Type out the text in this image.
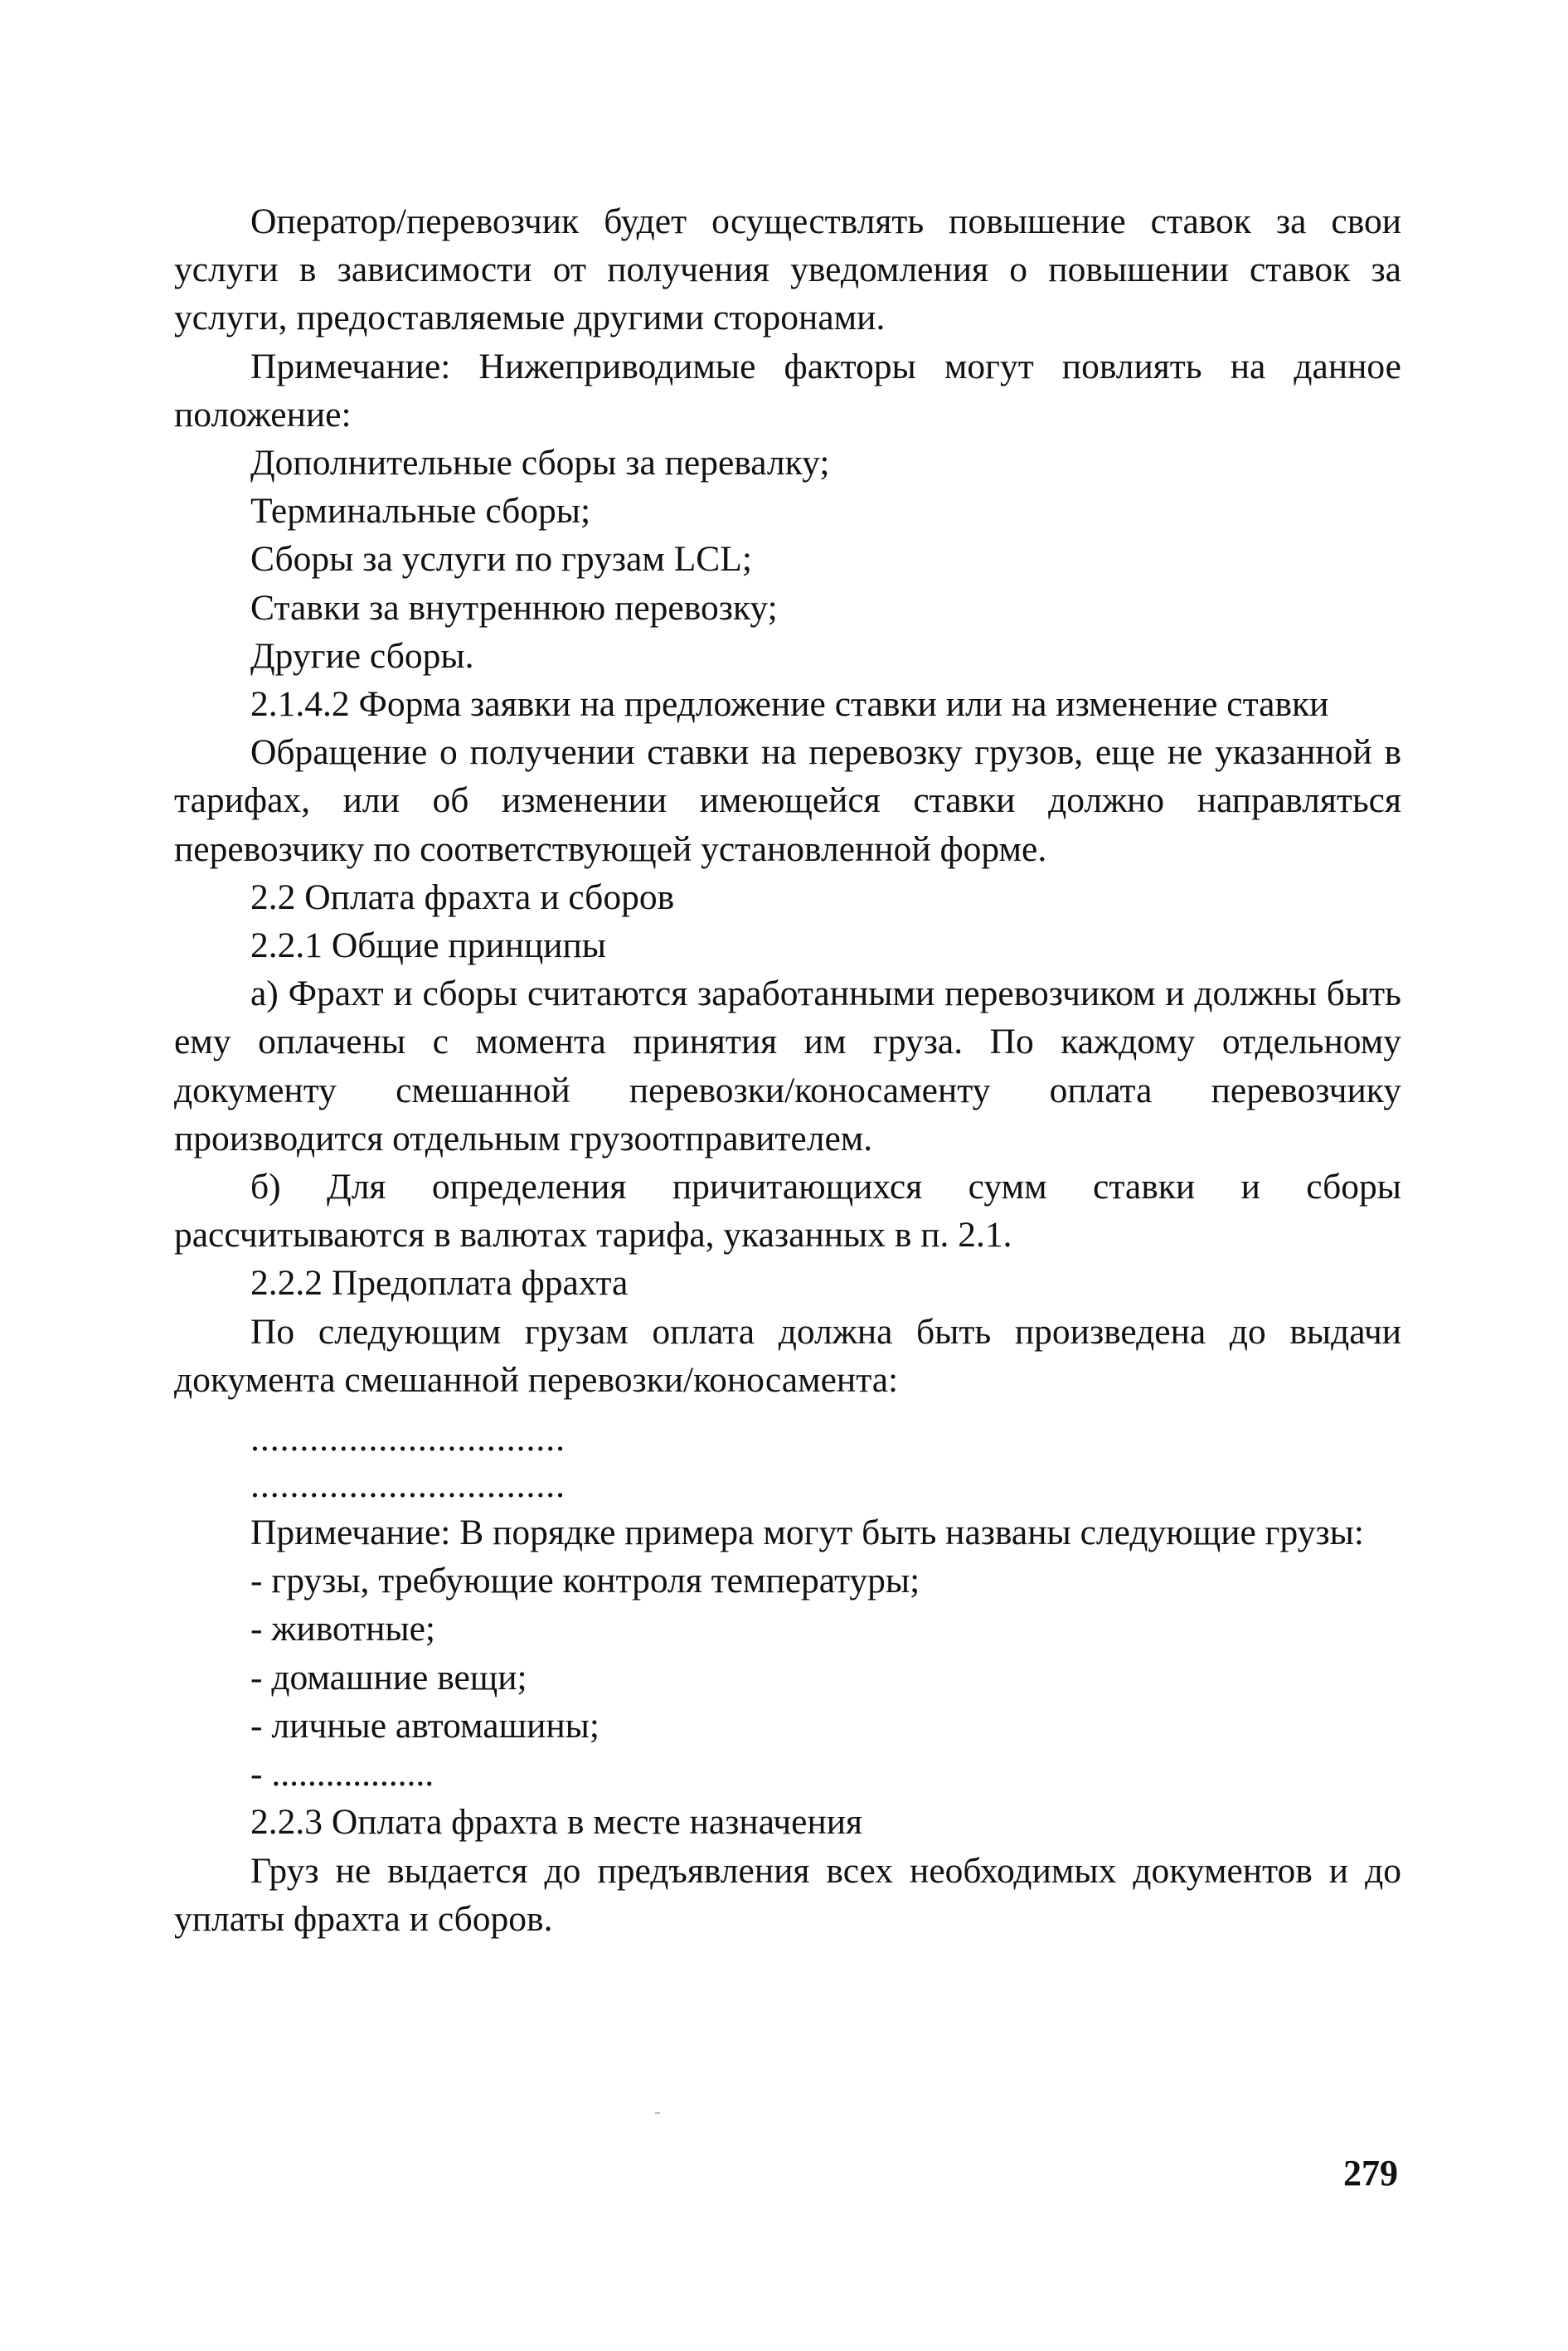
Оператор/перевозчик будет осуществлять повышение ставок за свои услуги в зависимости от получения уведомления о повышении ставок за услуги, предоставляемые другими сторонами.

Примечание: Нижеприводимые факторы могут повлиять на данное положение:

Дополнительные сборы за перевалку;

Терминальные сборы;

Сборы за услуги по грузам LCL;

Ставки за внутреннюю перевозку;

Другие сборы.

2.1.4.2 Форма заявки на предложение ставки или на изменение ставки

Обращение о получении ставки на перевозку грузов, еще не указанной в тарифах, или об изменении имеющейся ставки должно направляться перевозчику по соответствующей установленной форме.

2.2 Оплата фрахта и сборов

2.2.1 Общие принципы

а) Фрахт и сборы считаются заработанными перевозчиком и должны быть ему оплачены с момента принятия им груза. По каждому отдельному документу смешанной перевозки/коносаменту оплата перевозчику производится отдельным грузоотправителем.

б) Для определения причитающихся сумм ставки и сборы рассчитываются в валютах тарифа, указанных в п. 2.1.

2.2.2 Предоплата фрахта

По следующим грузам оплата должна быть произведена до выдачи документа смешанной перевозки/коносамента:

................................

................................

Примечание: В порядке примера могут быть названы следующие грузы:

- грузы, требующие контроля температуры;

- животные;

- домашние вещи;

- личные автомашины;

- ..................

2.2.3 Оплата фрахта в месте назначения

Груз не выдается до предъявления всех необходимых документов и до уплаты фрахта и сборов.

279
